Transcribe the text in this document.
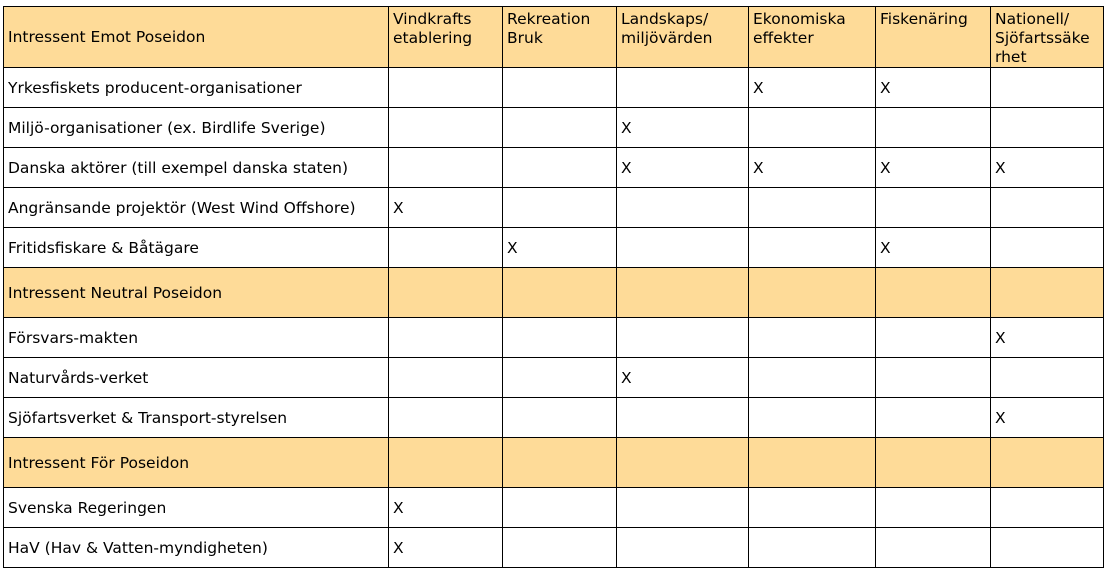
Intressent Emot Poseidon	Vindkrafts etablering	Rekreation Bruk	Landskaps/ miljövärden	Ekonomiska effekter	Fiskenäring	Nationell/ Sjöfartssäke rhet
Yrkesfiskets producent-organisationer				X	X	
Miljö-organisationer (ex. Birdlife Sverige)			X			
Danska aktörer (till exempel danska staten)			X	X	X	X
Angränsande projektör (West Wind Offshore)	X					
Fritidsfiskare & Båtägare		X			X	
Intressent Neutral Poseidon						
Försvars-makten						X
Naturvårds-verket			X			
Sjöfartsverket & Transport-styrelsen						X
Intressent För Poseidon						
Svenska Regeringen	X					
HaV (Hav & Vatten-myndigheten)	X					
